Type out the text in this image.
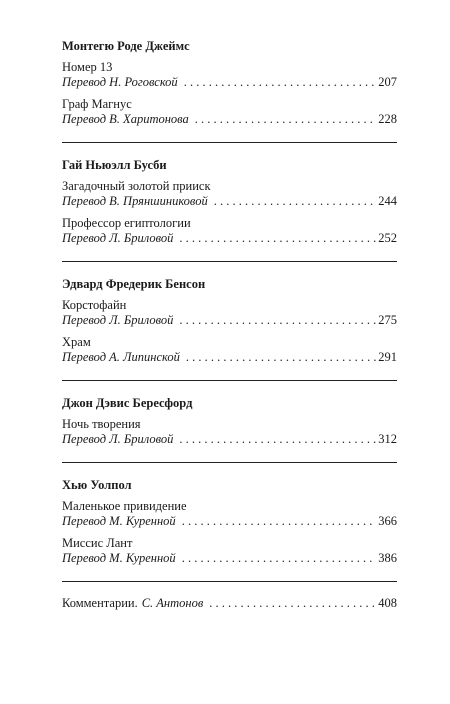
Монтегю Роде Джеймс
Номер 13
Перевод Н. Роговской . . .	207
Граф Магнус
Перевод В. Харитонова . . .	228
Гай Ньюэлл Бусби
Загадочный золотой прииск
Перевод В. Пряншиниковой . . .	244
Профессор египтологии
Перевод Л. Бриловой . . .	252
Эдвард Фредерик Бенсон
Корстофайн
Перевод Л. Бриловой . . .	275
Храм
Перевод А. Липинской . . .	291
Джон Дэвис Бересфорд
Ночь творения
Перевод Л. Бриловой . . .	312
Хью Уолпол
Маленькое привидение
Перевод М. Куренной . . .	366
Миссис Лант
Перевод М. Куренной . . .	386
Комментарии. С. Антонов . . .	408
